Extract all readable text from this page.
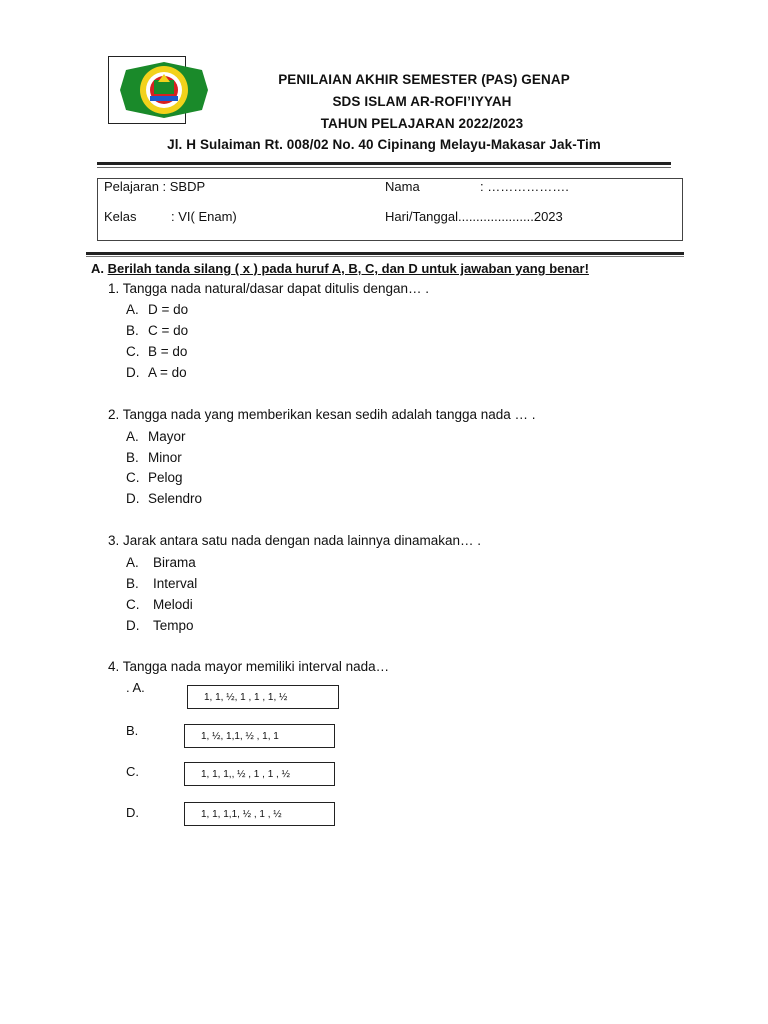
PENILAIAN AKHIR SEMESTER (PAS) GENAP
SDS ISLAM AR-ROFI’IYYAH
TAHUN PELAJARAN 2022/2023
Jl. H Sulaiman Rt. 008/02 No. 40 Cipinang Melayu-Makasar Jak-Tim
Pelajaran : SBDP	Nama	: ……………….
Kelas	: VI( Enam)	Hari/Tanggal.....................2023
A. Berilah tanda silang ( x ) pada huruf A, B, C, dan D untuk jawaban yang benar!
1. Tangga nada natural/dasar dapat ditulis dengan… .
A. D = do
B. C = do
C. B = do
D. A = do
2. Tangga nada yang memberikan kesan sedih adalah tangga nada … .
A. Mayor
B. Minor
C. Pelog
D. Selendro
3. Jarak antara satu nada dengan nada lainnya dinamakan… .
A. Birama
B. Interval
C. Melodi
D. Tempo
4. Tangga nada mayor memiliki interval nada…
. A.
1, 1, ½, 1 , 1 , 1, ½
B.	1, ½, 1,1, ½ , 1, 1
C.	1, 1, 1,, ½ , 1 , 1 , ½
D.	1, 1, 1,1, ½ , 1 , ½
